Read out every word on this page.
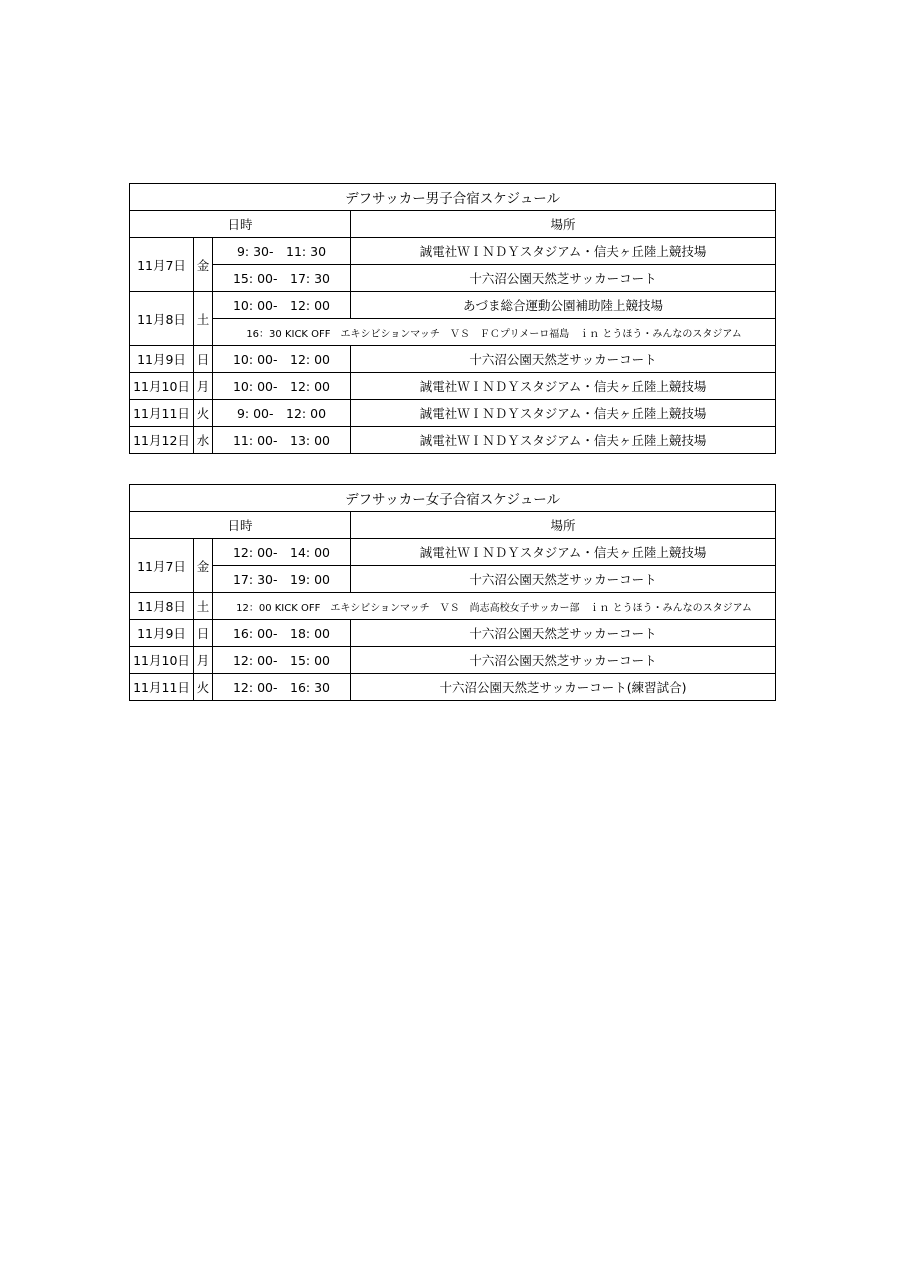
デフサッカー男子合宿スケジュール			
日時			場所
11月7日	金	9: 30-　11: 30	誠電社ＷＩＮＤＹスタジアム・信夫ヶ丘陸上競技場
		15: 00-　17: 30	十六沼公園天然芝サッカーコート
11月8日	土	10: 00-　12: 00	あづま総合運動公園補助陸上競技場
		16：30 KICK OFF　エキシビションマッチ　ＶＳ　ＦＣプリメーロ福島　ｉｎ とうほう・みんなのスタジアム	
11月9日	日	10: 00-　12: 00	十六沼公園天然芝サッカーコート
11月10日	月	10: 00-　12: 00	誠電社ＷＩＮＤＹスタジアム・信夫ヶ丘陸上競技場
11月11日	火	9: 00-　12: 00	誠電社ＷＩＮＤＹスタジアム・信夫ヶ丘陸上競技場
11月12日	水	11: 00-　13: 00	誠電社ＷＩＮＤＹスタジアム・信夫ヶ丘陸上競技場
デフサッカー女子合宿スケジュール			
日時			場所
11月7日	金	12: 00-　14: 00	誠電社ＷＩＮＤＹスタジアム・信夫ヶ丘陸上競技場
		17: 30-　19: 00	十六沼公園天然芝サッカーコート
11月8日	土	12：00 KICK OFF　エキシビションマッチ　ＶＳ　尚志高校女子サッカー部　ｉｎ とうほう・みんなのスタジアム	
11月9日	日	16: 00-　18: 00	十六沼公園天然芝サッカーコート
11月10日	月	12: 00-　15: 00	十六沼公園天然芝サッカーコート
11月11日	火	12: 00-　16: 30	十六沼公園天然芝サッカーコート(練習試合)
